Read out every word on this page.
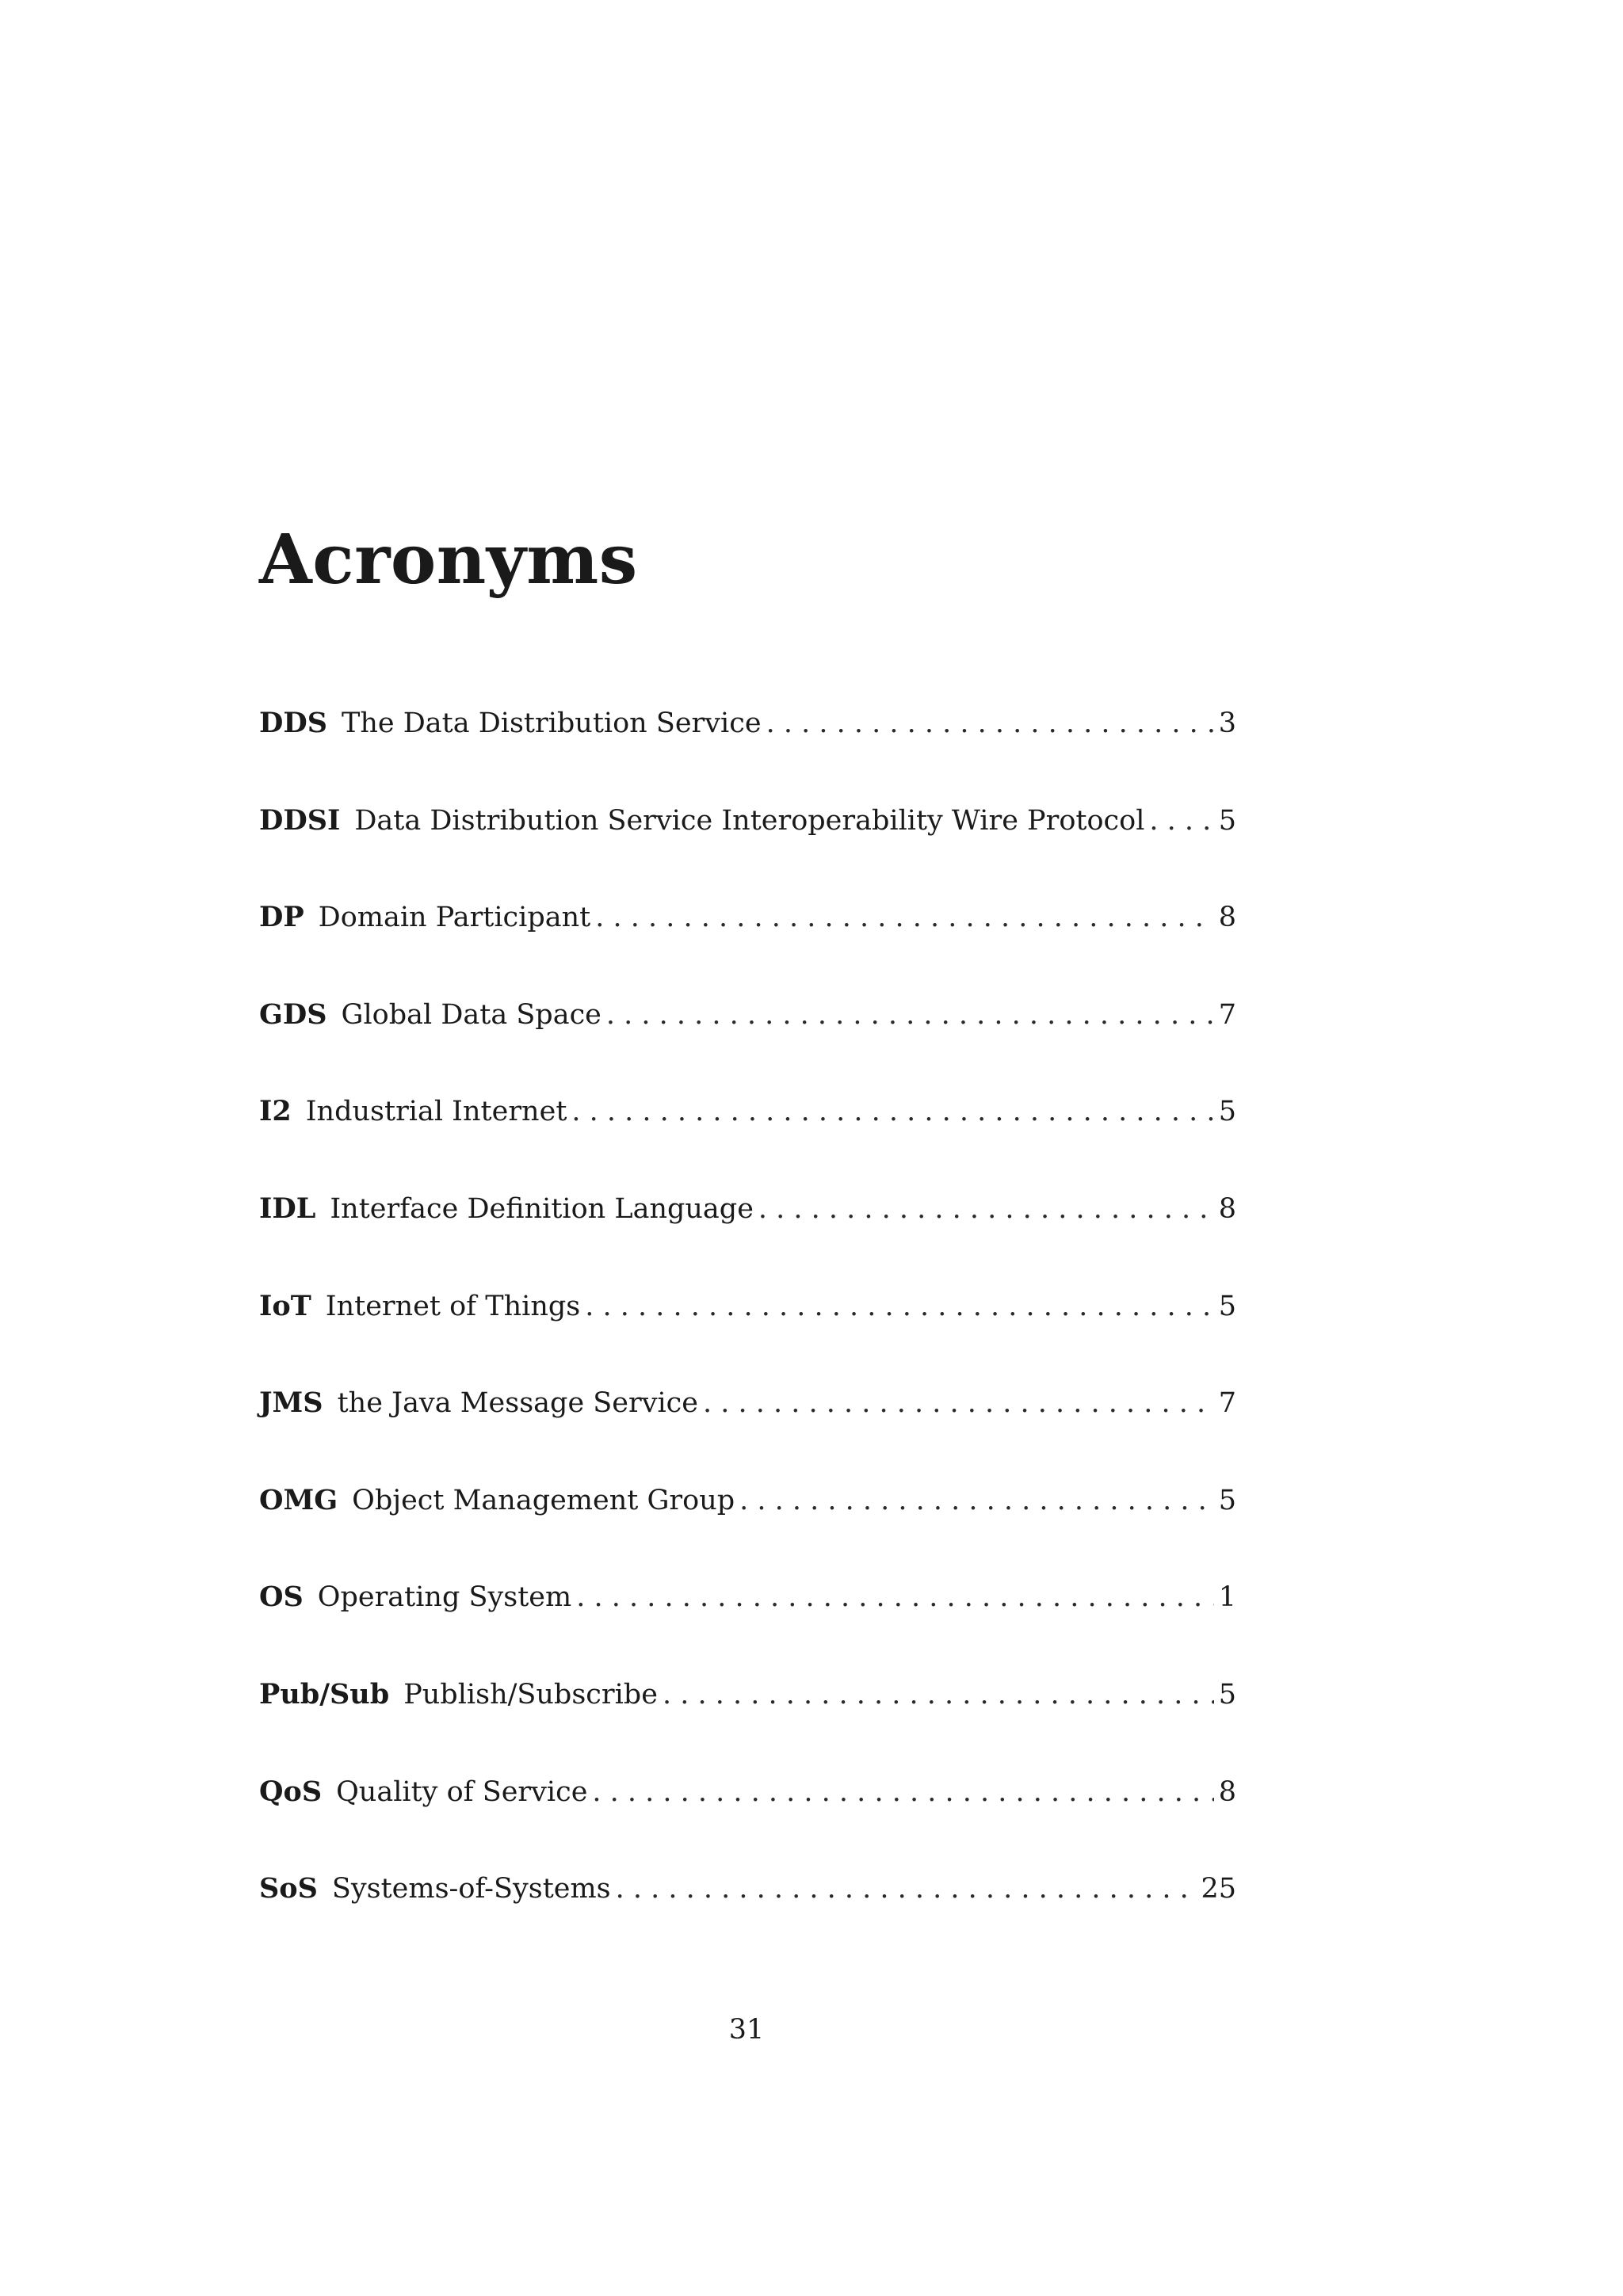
Acronyms
DDS The Data Distribution Service . . .	3
DDSI Data Distribution Service Interoperability Wire Protocol . . .	5
DP Domain Participant . . .	8
GDS Global Data Space . . .	7
I2 Industrial Internet . . .	5
IDL Interface Definition Language . . .	8
IoT Internet of Things . . .	5
JMS the Java Message Service . . .	7
OMG Object Management Group . . .	5
OS Operating System . . .	1
Pub/Sub Publish/Subscribe . . .	5
QoS Quality of Service . . .	8
SoS Systems-of-Systems . . .	25
31
